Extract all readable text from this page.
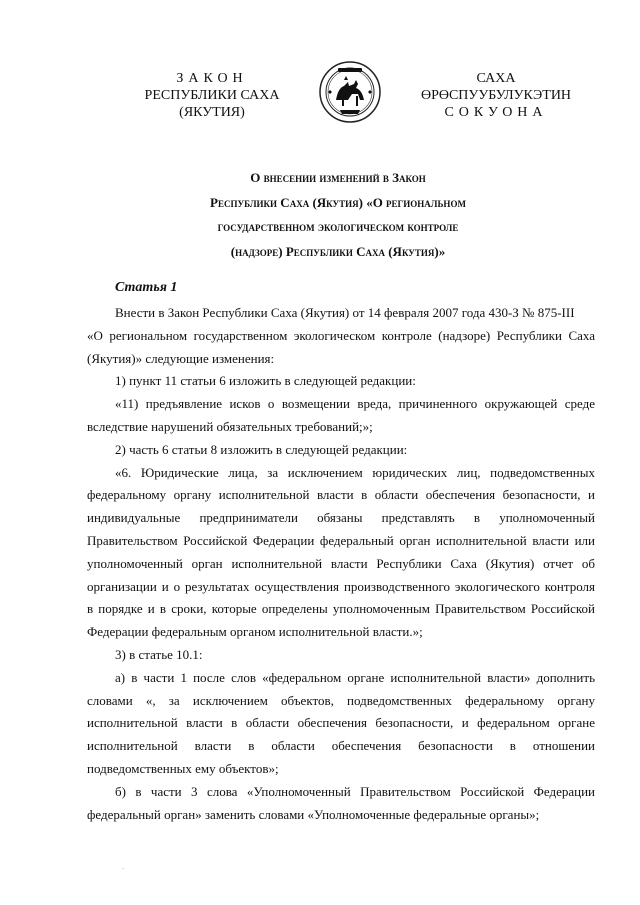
ЗАКОН
РЕСПУБЛИКИ САХА (ЯКУТИЯ)
САХА ӨРӨСПУУБУЛУКЭТИН
СОКУОНА
О внесении изменений в Закон
Республики Саха (Якутия) «О региональном
государственном экологическом контроле
(надзоре) Республики Саха (Якутия)»
Статья 1
Внести в Закон Республики Саха (Якутия) от 14 февраля 2007 года 430-З № 875-III
«О региональном государственном экологическом контроле (надзоре) Республики Саха
(Якутия)» следующие изменения:
1) пункт 11 статьи 6 изложить в следующей редакции:
«11) предъявление исков о возмещении вреда, причиненного окружающей среде
вследствие нарушений обязательных требований;»;
2) часть 6 статьи 8 изложить в следующей редакции:
«6. Юридические лица, за исключением юридических лиц, подведомственных
федеральному органу исполнительной власти в области обеспечения безопасности, и
индивидуальные предприниматели обязаны представлять в уполномоченный
Правительством Российской Федерации федеральный орган исполнительной власти или
уполномоченный орган исполнительной власти Республики Саха (Якутия) отчет об
организации и о результатах осуществления производственного экологического контроля
в порядке и в сроки, которые определены уполномоченным Правительством Российской
Федерации федеральным органом исполнительной власти.»;
3) в статье 10.1:
а) в части 1 после слов «федеральном органе исполнительной власти» дополнить
словами «, за исключением объектов, подведомственных федеральному органу
исполнительной власти в области обеспечения безопасности, и федеральном органе
исполнительной власти в области обеспечения безопасности в отношении
подведомственных ему объектов»;
б) в части 3 слова «Уполномоченный Правительством Российской Федерации
федеральный орган» заменить словами «Уполномоченные федеральные органы»;
.
